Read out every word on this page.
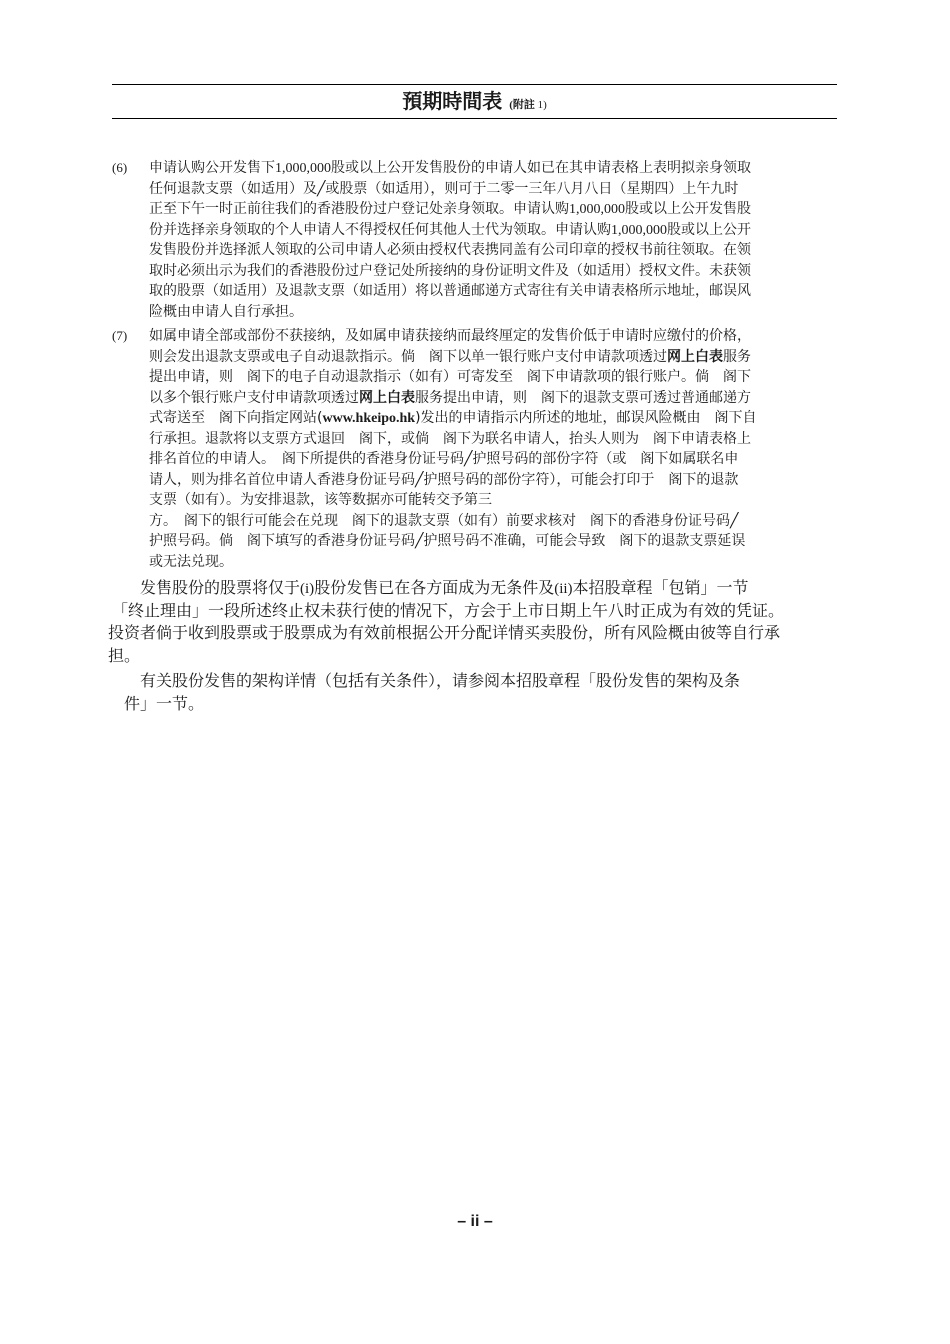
預期時間表 (附註 1)
(6)	申请认购公开发售下1,000,000股或以上公开发售股份的申请人如已在其申请表格上表明拟亲身领取
任何退款支票（如适用）及╱或股票（如适用），则可于二零一三年八月八日（星期四）上午九时
正至下午一时正前往我们的香港股份过户登记处亲身领取。申请认购1,000,000股或以上公开发售股
份并选择亲身领取的个人申请人不得授权任何其他人士代为领取。申请认购1,000,000股或以上公开
发售股份并选择派人领取的公司申请人必须由授权代表携同盖有公司印章的授权书前往领取。在领
取时必须出示为我们的香港股份过户登记处所接纳的身份证明文件及（如适用）授权文件。未获领
取的股票（如适用）及退款支票（如适用）将以普通邮递方式寄往有关申请表格所示地址，邮误风
险概由申请人自行承担。
(7)	如属申请全部或部份不获接纳，及如属申请获接纳而最终厘定的发售价低于申请时应缴付的价格，
则会发出退款支票或电子自动退款指示。倘　阁下以单一银行账户支付申请款项透过网上白表服务
提出申请，则　阁下的电子自动退款指示（如有）可寄发至　阁下申请款项的银行账户。倘　阁下
以多个银行账户支付申请款项透过网上白表服务提出申请，则　阁下的退款支票可透过普通邮递方
式寄送至　阁下向指定网站(www.hkeipo.hk)发出的申请指示内所述的地址，邮误风险概由　阁下自
行承担。退款将以支票方式退回　阁下，或倘　阁下为联名申请人，抬头人则为　阁下申请表格上
排名首位的申请人。　阁下所提供的香港身份证号码╱护照号码的部份字符（或　阁下如属联名申
请人，则为排名首位申请人香港身份证号码╱护照号码的部份字符），可能会打印于　阁下的退款
支票（如有）。为安排退款，该等数据亦可能转交予第三
方。　阁下的银行可能会在兑现　阁下的退款支票（如有）前要求核对　阁下的香港身份证号码╱
护照号码。倘　阁下填写的香港身份证号码╱护照号码不准确，可能会导致　阁下的退款支票延误
或无法兑现。
　　发售股份的股票将仅于(i)股份发售已在各方面成为无条件及(ii)本招股章程「包销」一节
「终止理由」一段所述终止权未获行使的情况下，方会于上市日期上午八时正成为有效的凭证。
投资者倘于收到股票或于股票成为有效前根据公开分配详情买卖股份，所有风险概由彼等自行承
担。
　　有关股份发售的架构详情（包括有关条件），请参阅本招股章程「股份发售的架构及条
　件」一节。
– ii –
